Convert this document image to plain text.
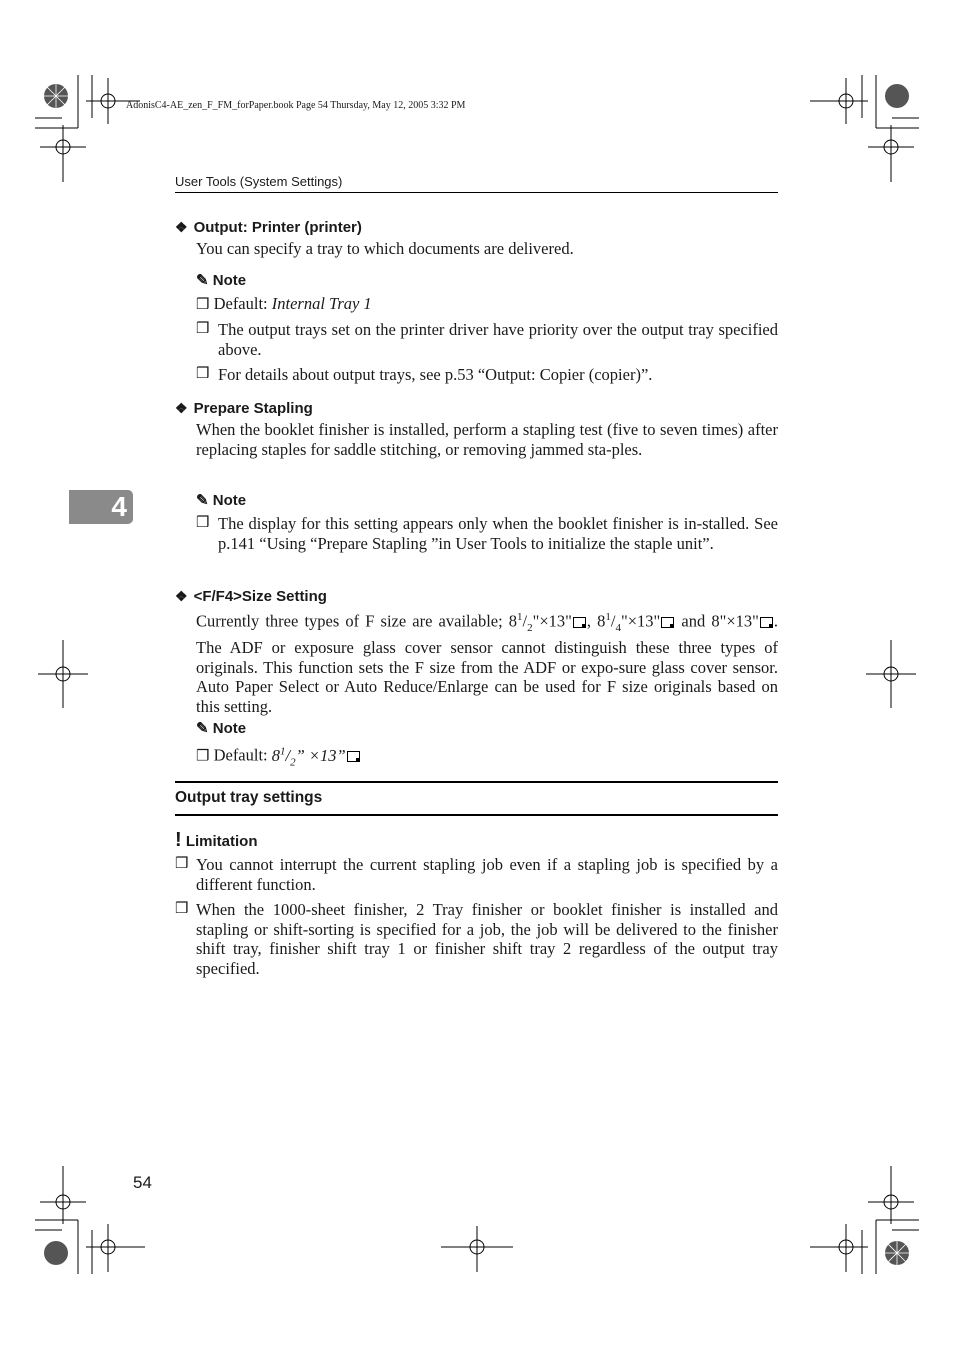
AdonisC4-AE_zen_F_FM_forPaper.book Page 54 Thursday, May 12, 2005 3:32 PM
User Tools (System Settings)
4
❖ Output: Printer (printer)
You can specify a tray to which documents are delivered.
✎ Note
❒ Default: Internal Tray 1
❒ The output trays set on the printer driver have priority over the output tray specified above.
❒ For details about output trays, see p.53 “Output: Copier (copier)”.
❖ Prepare Stapling
When the booklet finisher is installed, perform a stapling test (five to seven times) after replacing staples for saddle stitching, or removing jammed sta-ples.
✎ Note
❒ The display for this setting appears only when the booklet finisher is in-stalled. See p.141 “Using “Prepare Stapling ”in User Tools to initialize the staple unit”.
❖ <F/F4>Size Setting
Currently three types of F size are available; $8^1/_2"\times 13$" , $8^1/_4"\times 13$" and 8"×13" . The ADF or exposure glass cover sensor cannot distinguish these three types of originals. This function sets the F size from the ADF or expo-sure glass cover sensor. Auto Paper Select or Auto Reduce/Enlarge can be used for F size originals based on this setting.
✎ Note
❒ Default: $8^1/_2$” ×13”
Output tray settings
! Limitation
❒ You cannot interrupt the current stapling job even if a stapling job is specified by a different function.
❒ When the 1000-sheet finisher, 2 Tray finisher or booklet finisher is installed and stapling or shift-sorting is specified for a job, the job will be delivered to the finisher shift tray, finisher shift tray 1 or finisher shift tray 2 regardless of the output tray specified.
54
